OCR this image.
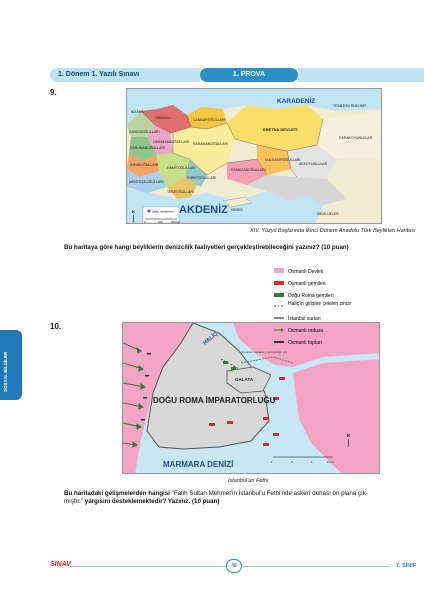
1. Dönem 1. Yazılı Sınavı	1. PROVA
9.
KARADENİZ
AKDENİZ
CANDAROĞULLARI
ERETNA DEVLETİ
KARAMANOĞULLARI
OSMANLI
KARESİOĞULLARI
SARUHANOĞULLARI
AYDINOĞULLARI
MENTEŞEOĞULLARI
TEKEOĞULLARI
HAMİTOĞULLARI
GERMİYANOĞULLARI
ESRETOĞULLARI
DULKADİROĞULLARI
RAMAZANOĞULLARI
KARAKOYUNLULAR
AKKOYUNLULAR
MEMLÜKLER
KIBRIS
BİZANS
TRABZON RUM İMP.
Şehir merkezleri
0	100	200 km
K
XIV. Yüzyıl Başlarında İkinci Dönem Anadolu Türk Beylikleri Haritası
Bu haritaya göre hangi beyliklerin denizcilik faaliyetleri gerçekleştirebileceğini yazınız? (10 puan)
SOSYAL BİLGİLER
10.
HALİÇ
GALATA
DOĞU ROMA İMPARATORLUĞU
MARMARA DENİZİ
Gemilerin karadan yürütüldüğü yol
K
1	0	1	2 km
Osmanlı Devleti
Osmanlı gemileri
Doğu Roma gemileri
Haliç'in girişine çekilen zincir
İstanbul surları
Osmanlı ordusu
Osmanlı topları
İstanbul'un Fethi
Bu haritadaki gelişmelerden hangisi "Fatih Sultan Mehmet'in İstanbul'u Fethi'nde askerî dehası ön plana çık-
mıştır." yargısını desteklemektedir? Yazınız. (10 puan)
SINAV	48	7. SINIF
